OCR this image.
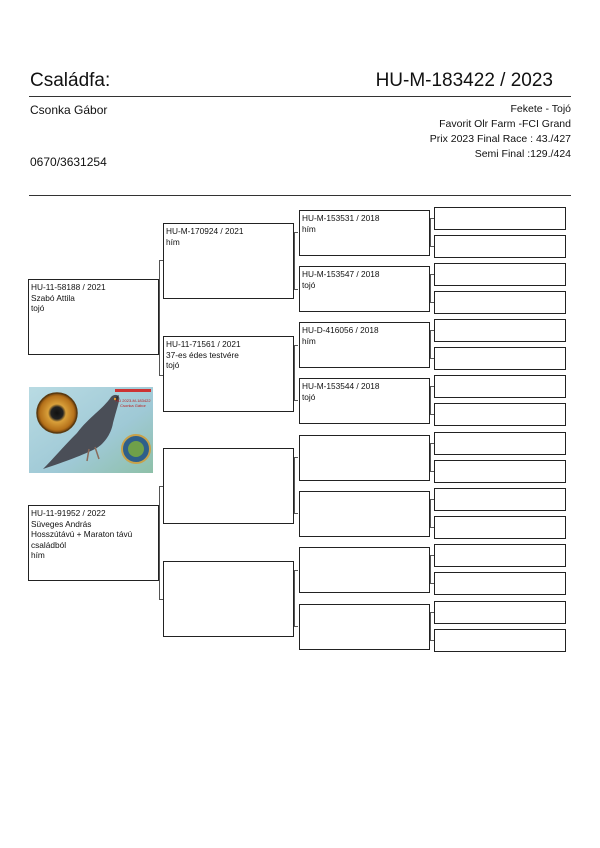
Családfa:	HU-M-183422 / 2023
Csonka Gábor
0670/3631254
Fekete - Tojó
Favorit Olr Farm -FCI Grand
Prix 2023 Final Race : 43./427
Semi Final :129./424
HU-11-58188 / 2021
Szabó Attila
tojó
HU 2023-M-183422
Csonka Gábor
HU-11-91952 / 2022
Süveges András
Hosszútávú + Maraton távú
családból
hím
HU-M-170924 / 2021
hím
HU-11-71561 / 2021
37-es édes testvére
tojó
HU-M-153531 / 2018
hím
HU-M-153547 / 2018
tojó
HU-D-416056 / 2018
hím
HU-M-153544 / 2018
tojó
